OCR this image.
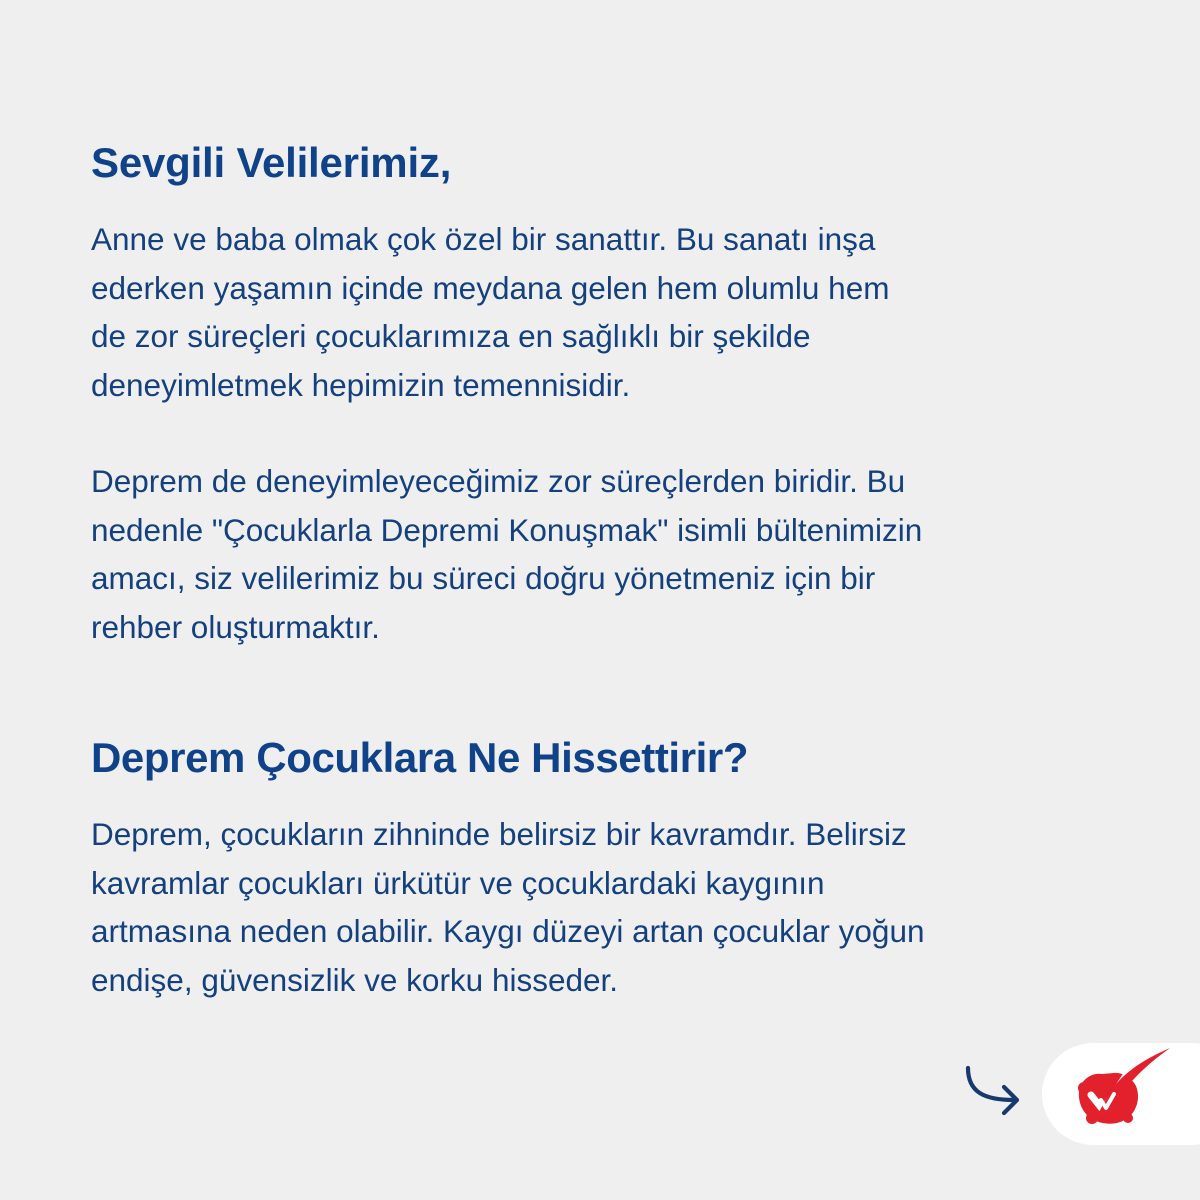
Sevgili Velilerimiz,

Anne ve baba olmak çok özel bir sanattır. Bu sanatı inşa
ederken yaşamın içinde meydana gelen hem olumlu hem
de zor süreçleri çocuklarımıza en sağlıklı bir şekilde
deneyimletmek hepimizin temennisidir.

Deprem de deneyimleyeceğimiz zor süreçlerden biridir. Bu
nedenle "Çocuklarla Depremi Konuşmak" isimli bültenimizin
amacı, siz velilerimiz bu süreci doğru yönetmeniz için bir
rehber oluşturmaktır.

Deprem Çocuklara Ne Hissettirir?

Deprem, çocukların zihninde belirsiz bir kavramdır. Belirsiz
kavramlar çocukları ürkütür ve çocuklardaki kaygının
artmasına neden olabilir. Kaygı düzeyi artan çocuklar yoğun
endişe, güvensizlik ve korku hisseder.
